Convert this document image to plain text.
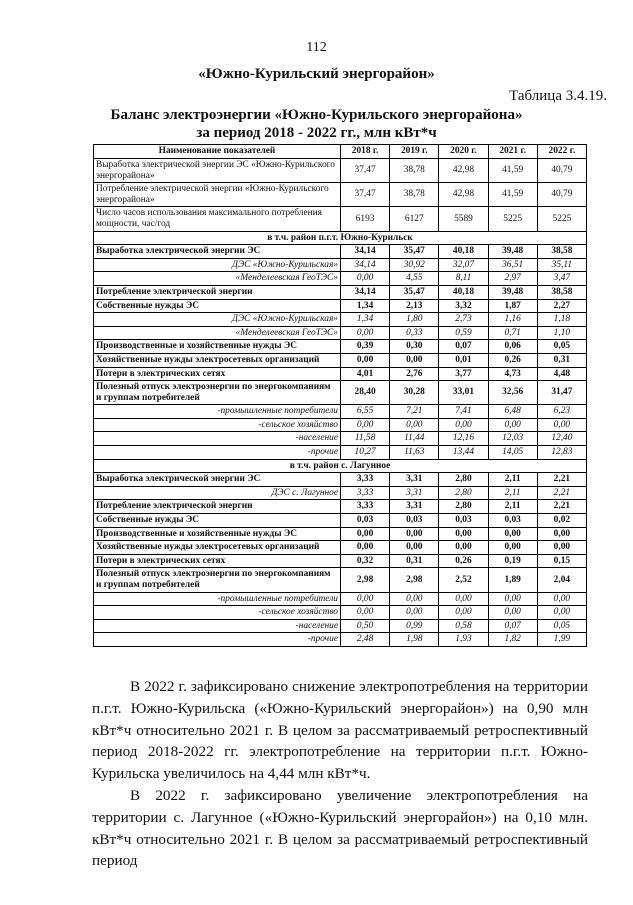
112
«Южно-Курильский энергорайон»
Таблица 3.4.19.
Баланс электроэнергии «Южно-Курильского энергорайона»
за период 2018 - 2022 гг., млн кВт*ч
Наименование показателей	2018 г.	2019 г.	2020 г.	2021 г.	2022 г.
Выработка электрической энергии ЭС «Южно-Курильского энергорайона»	37,47	38,78	42,98	41,59	40,79
Потребление электрической энергии «Южно-Курильского энергорайона»	37,47	38,78	42,98	41,59	40,79
Число часов использования максимального потребления мощности, час/год	6193	6127	5589	5225	5225
в т.ч. район п.г.т. Южно-Курильск					
Выработка электрической энергии ЭС	34,14	35,47	40,18	39,48	38,58
ДЭС «Южно-Курильская»	34,14	30,92	32,07	36,51	35,11
«Менделеевская ГеоТЭС»	0,00	4,55	8,11	2,97	3,47
Потребление электрической энергии	34,14	35,47	40,18	39,48	38,58
Собственные нужды ЭС	1,34	2,13	3,32	1,87	2,27
ДЭС «Южно-Курильская»	1,34	1,80	2,73	1,16	1,18
«Менделеевская ГеоТЭС»	0,00	0,33	0,59	0,71	1,10
Производственные и хозяйственные нужды ЭС	0,39	0,30	0,07	0,06	0,05
Хозяйственные нужды электросетевых организаций	0,00	0,00	0,01	0,26	0,31
Потери в электрических сетях	4,01	2,76	3,77	4,73	4,48
Полезный отпуск электроэнергии по энергокомпаниям и группам потребителей	28,40	30,28	33,01	32,56	31,47
-промышленные потребители	6,55	7,21	7,41	6,48	6,23
-сельское хозяйство	0,00	0,00	0,00	0,00	0,00
-население	11,58	11,44	12,16	12,03	12,40
-прочие	10,27	11,63	13,44	14,05	12,83
в т.ч. район с. Лагунное					
Выработка электрической энергии ЭС	3,33	3,31	2,80	2,11	2,21
ДЭС с. Лагунное	3,33	3,31	2,80	2,11	2,21
Потребление электрической энергии	3,33	3,31	2,80	2,11	2,21
Собственные нужды ЭС	0,03	0,03	0,03	0,03	0,02
Производственные и хозяйственные нужды ЭС	0,00	0,00	0,00	0,00	0,00
Хозяйственные нужды электросетевых организаций	0,00	0,00	0,00	0,00	0,00
Потери в электрических сетях	0,32	0,31	0,26	0,19	0,15
Полезный отпуск электроэнергии по энергокомпаниям и группам потребителей	2,98	2,98	2,52	1,89	2,04
-промышленные потребители	0,00	0,00	0,00	0,00	0,00
-сельское хозяйство	0,00	0,00	0,00	0,00	0,00
-население	0,50	0,99	0,58	0,07	0,05
-прочие	2,48	1,98	1,93	1,82	1,99

В 2022 г. зафиксировано снижение электропотребления на территории п.г.т. Южно-Курильска («Южно-Курильский энергорайон») на 0,90 млн кВт*ч относительно 2021 г. В целом за рассматриваемый ретроспективный период 2018-2022 гг. электропотребление на территории п.г.т. Южно-Курильска увеличилось на 4,44 млн кВт*ч.

В 2022 г. зафиксировано увеличение электропотребления на территории с. Лагунное («Южно-Курильский энергорайон») на 0,10 млн. кВт*ч относительно 2021 г. В целом за рассматриваемый ретроспективный период
